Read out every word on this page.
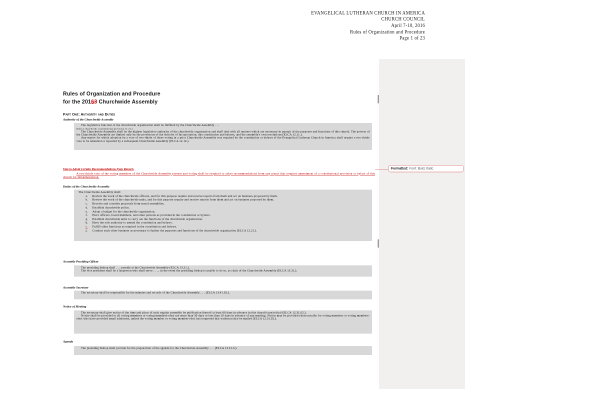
EVANGELICAL LUTHERAN CHURCH IN AMERICA
CHURCH COUNCIL
April 7-10, 2016
Rules of Organization and Procedure
Page 1 of 23
Formatted: Font: Bold, Italic
Rules of Organization and Procedure
for the 20163 Churchwide Assembly
Part One: Authority and Duties
Authority of the Churchwide Assembly

The legislative function of the churchwide organization shall be fulfilled by the Churchwide Assembly . . .

(ELCA churchwide constitutional provision 11.31.)

The Churchwide Assembly shall be the highest legislative authority of the churchwide organization and shall deal with all matters which are necessary in pursuit of the purposes and functions of this church. The powers of the Churchwide Assembly are limited only by the provisions of the Articles of Incorporation, this constitution and bylaws, and the assembly's own resolutions (ELCA 12.11.).

Any matter for which adoption by a vote of two-thirds of those voting in a prior Churchwide Assembly was required by the constitution or bylaws of the Evangelical Lutheran Church in America shall require a two-thirds vote to be amended or repealed by a subsequent Churchwide Assembly (ELCA 12.12.).

Vote to Adopt Certain Recommendations from Reports
A two-thirds vote of the voting members of the Churchwide Assembly present and voting shall be required to adopt recommendations from any report that requires amendment of a constitutional provision or bylaw of this church for implementation.
Duties of the Churchwide Assembly
The Churchwide Assembly shall:
a. Review the work of the churchwide officers, and for this purpose require and receive reports from them and act on business proposed by them.
b. Review the work of the churchwide units, and for this purpose require and receive reports from them and act on business proposed by them.
c. Receive and consider proposals from synod assemblies.
d. Establish churchwide policy.
e. Adopt a budget for the churchwide organization.
f. Elect officers, board members, and other persons as provided in the constitution or bylaws.
g. Establish churchwide units to carry out the functions of the churchwide organization.
h. Have the sole authority to amend the constitution and bylaws.
i. Fulfill other functions as required in the constitution and bylaws.
j. Conduct such other business as necessary to further the purposes and functions of the churchwide organization (ELCA 12.21.).
Assembly Presiding Officer

The presiding bishop shall . . . preside at the Churchwide Assembly (ELCA 13.21.).

The vice president shall be a layperson who shall serve . . . , in the event the presiding bishop is unable to do so, as chair of the Churchwide Assembly (ELCA 13.31.).

Assembly Secretary

The secretary shall be responsible for the minutes and records of the Churchwide Assembly . . . (ELCA 13.41.02.).

Notice of Meeting

The secretary shall give notice of the time and place of each regular assembly by publication thereof at least 60 days in advance in this church's periodical (ELCA 12.31.02.).

Notice shall be provided to all voting members or voting members-elect not more than 30 days or less than 10 days in advance of any meeting. Notice may be provided electronically for voting members or voting members-elect who have provided email addresses, unless the voting member or voting member-elect has requested that written notice be mailed (ELCA 12.31.02.).

Agenda

The presiding bishop shall provide for the preparation of the agenda for the Churchwide Assembly . . . (ELCA 13.21.b.).
